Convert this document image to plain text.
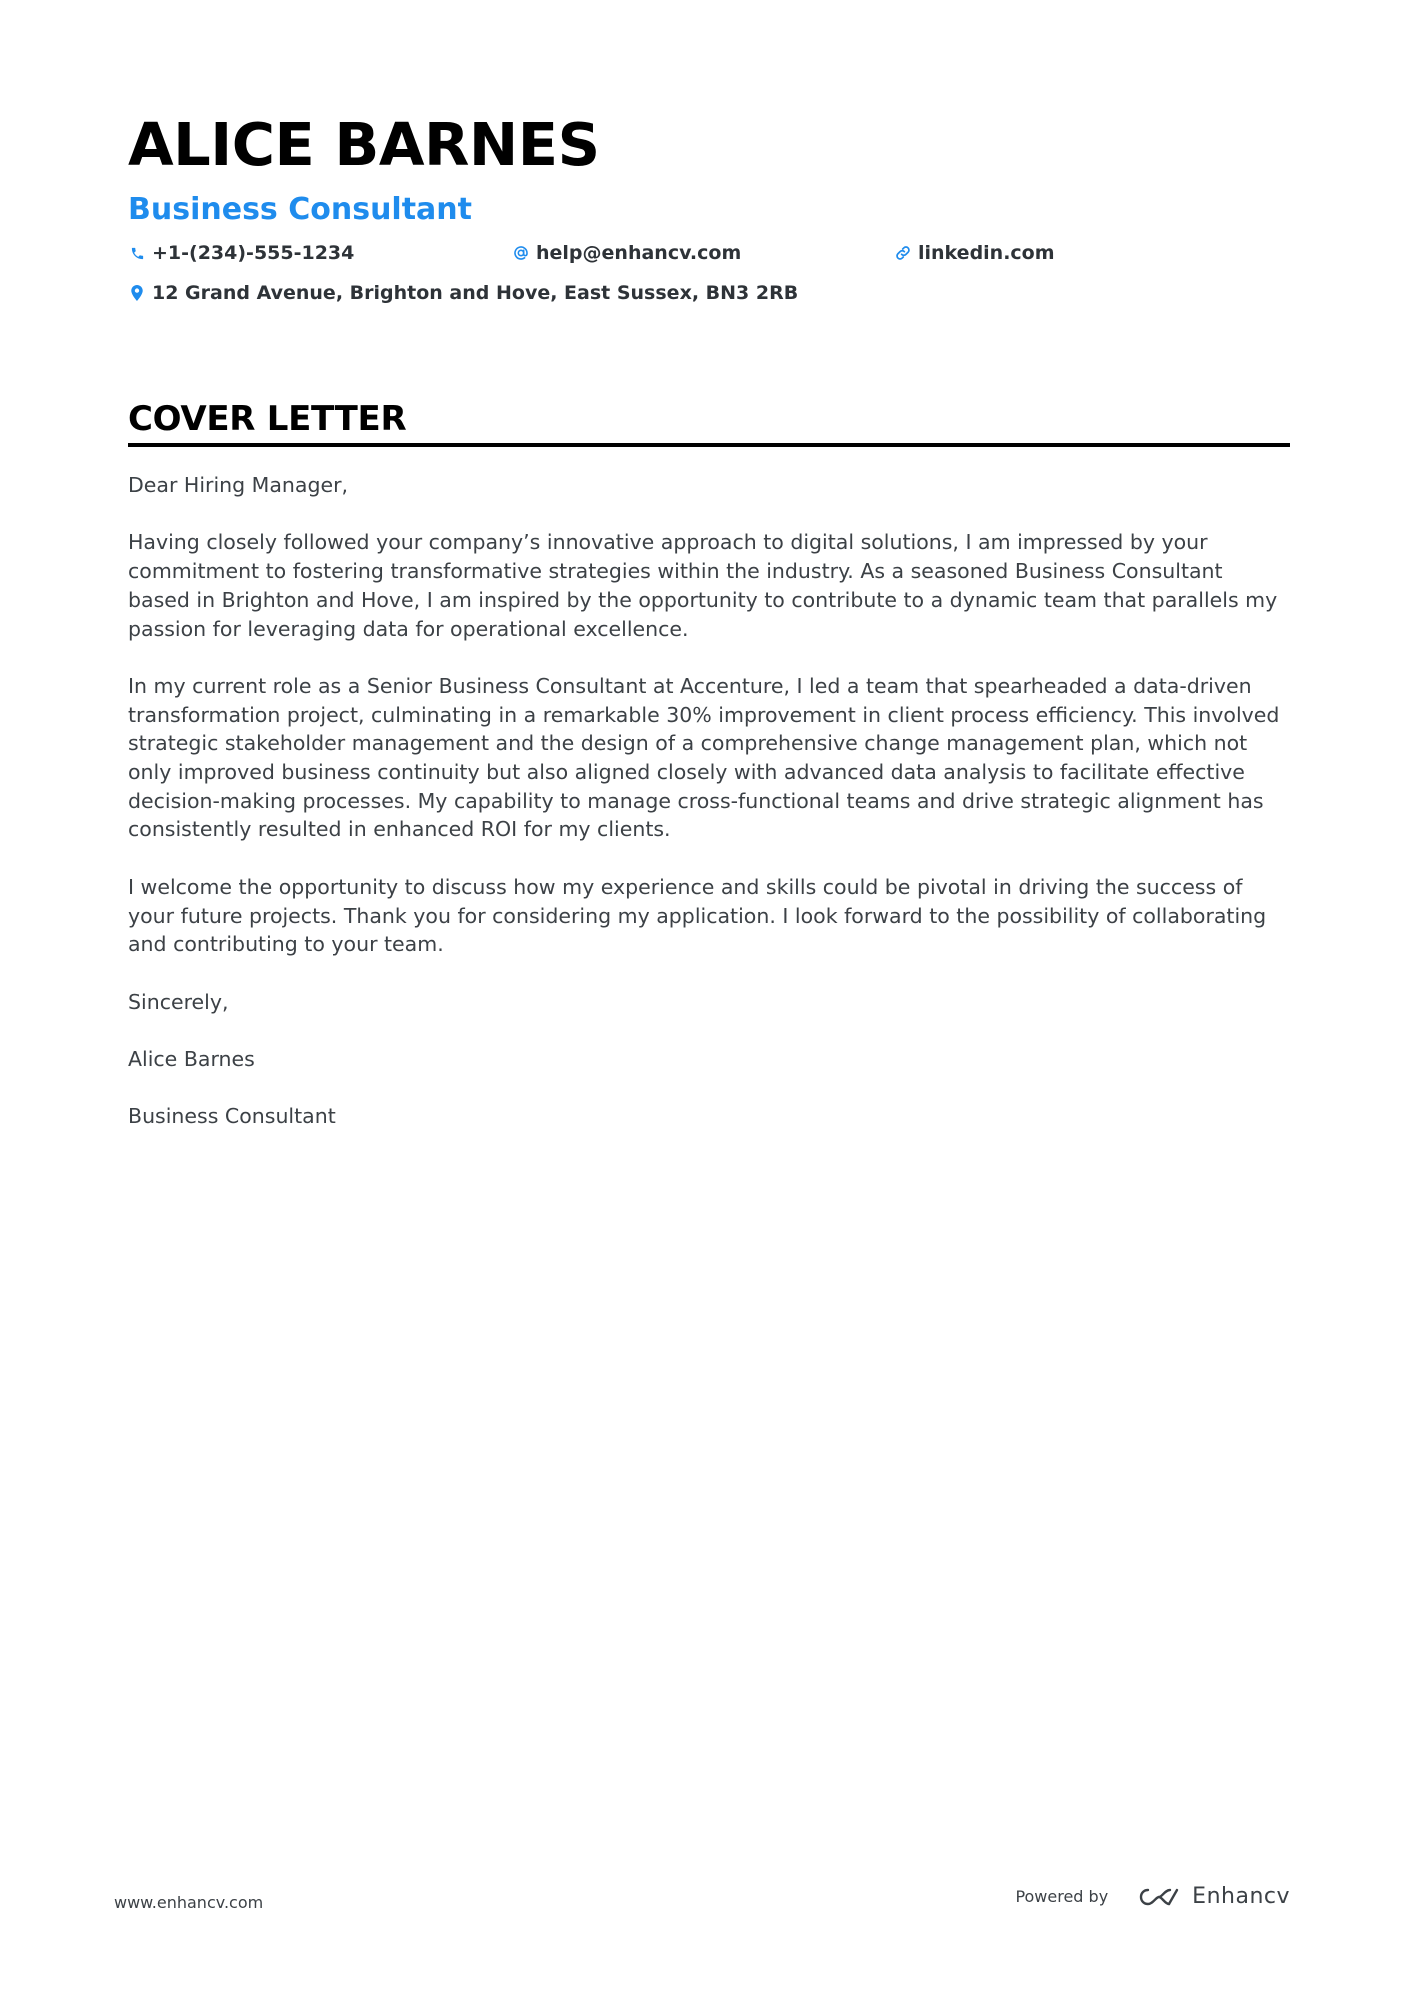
ALICE BARNES
Business Consultant
+1-(234)-555-1234	help@enhancv.com	linkedin.com
12 Grand Avenue, Brighton and Hove, East Sussex, BN3 2RB
COVER LETTER

Dear Hiring Manager,

Having closely followed your company’s innovative approach to digital solutions, I am impressed by your commitment to fostering transformative strategies within the industry. As a seasoned Business Consultant based in Brighton and Hove, I am inspired by the opportunity to contribute to a dynamic team that parallels my passion for leveraging data for operational excellence.

In my current role as a Senior Business Consultant at Accenture, I led a team that spearheaded a data-driven transformation project, culminating in a remarkable 30% improvement in client process efficiency. This involved strategic stakeholder management and the design of a comprehensive change management plan, which not only improved business continuity but also aligned closely with advanced data analysis to facilitate effective decision-making processes. My capability to manage cross-functional teams and drive strategic alignment has consistently resulted in enhanced ROI for my clients.

I welcome the opportunity to discuss how my experience and skills could be pivotal in driving the success of your future projects. Thank you for considering my application. I look forward to the possibility of collaborating and contributing to your team.

Sincerely,

Alice Barnes

Business Consultant

www.enhancv.com	Powered by	Enhancv
